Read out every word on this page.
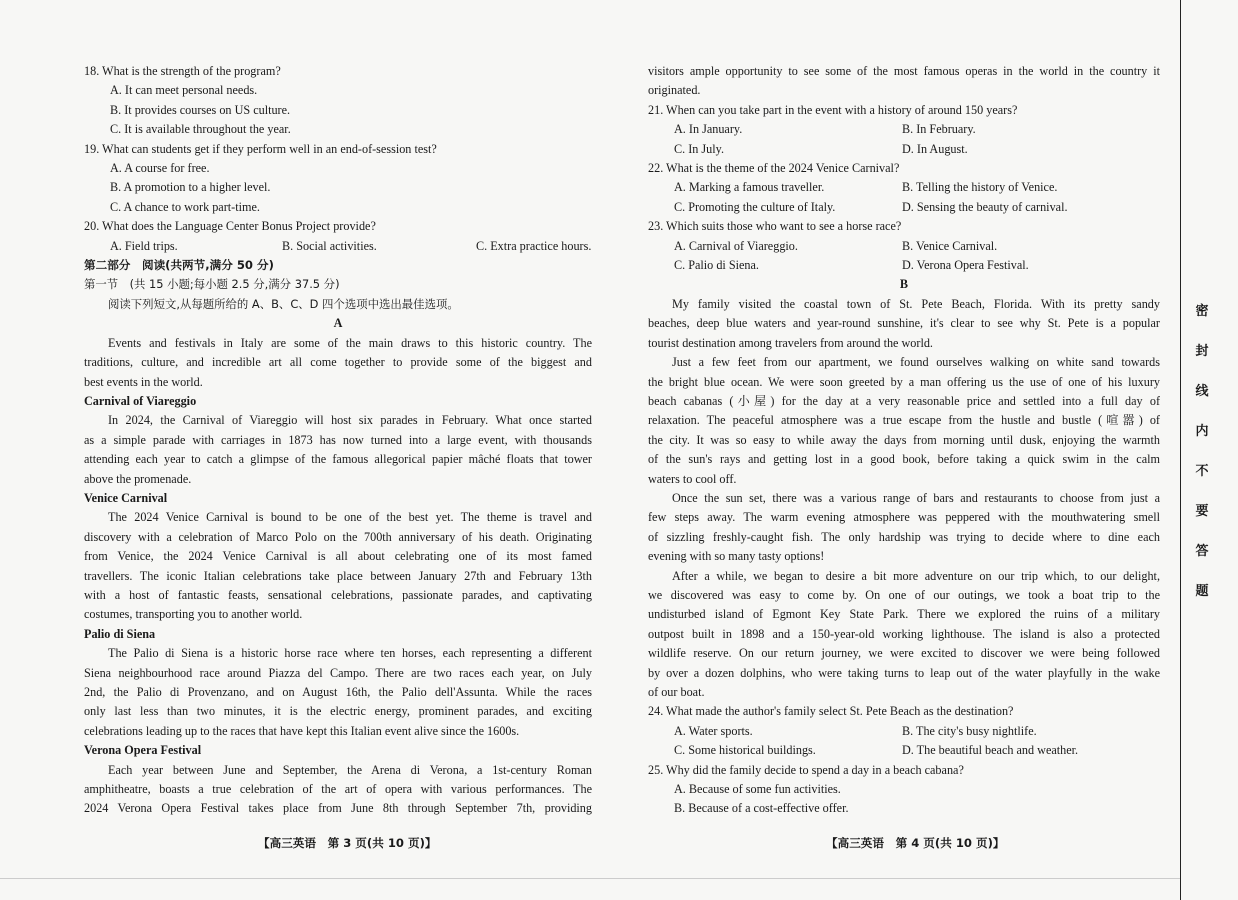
18. What is the strength of the program?
A. It can meet personal needs.
B. It provides courses on US culture.
C. It is available throughout the year.
19. What can students get if they perform well in an end-of-session test?
A. A course for free.
B. A promotion to a higher level.
C. A chance to work part-time.
20. What does the Language Center Bonus Project provide?
A. Field trips.	B. Social activities.	C. Extra practice hours.
第二部分　阅读(共两节,满分 50 分)
第一节　(共 15 小题;每小题 2.5 分,满分 37.5 分)
阅读下列短文,从每题所给的 A、B、C、D 四个选项中选出最佳选项。
A
Events and festivals in Italy are some of the main draws to this historic country. The
traditions, culture, and incredible art all come together to provide some of the biggest and
best events in the world.
Carnival of Viareggio
In 2024, the Carnival of Viareggio will host six parades in February. What once started
as a simple parade with carriages in 1873 has now turned into a large event, with thousands
attending each year to catch a glimpse of the famous allegorical papier mâché floats that tower
above the promenade.
Venice Carnival
The 2024 Venice Carnival is bound to be one of the best yet. The theme is travel and
discovery with a celebration of Marco Polo on the 700th anniversary of his death. Originating
from Venice, the 2024 Venice Carnival is all about celebrating one of its most famed
travellers. The iconic Italian celebrations take place between January 27th and February 13th
with a host of fantastic feasts, sensational celebrations, passionate parades, and captivating
costumes, transporting you to another world.
Palio di Siena
The Palio di Siena is a historic horse race where ten horses, each representing a different
Siena neighbourhood race around Piazza del Campo. There are two races each year, on July
2nd, the Palio di Provenzano, and on August 16th, the Palio dell'Assunta. While the races
only last less than two minutes, it is the electric energy, prominent parades, and exciting
celebrations leading up to the races that have kept this Italian event alive since the 1600s.
Verona Opera Festival
Each year between June and September, the Arena di Verona, a 1st-century Roman
amphitheatre, boasts a true celebration of the art of opera with various performances. The
2024 Verona Opera Festival takes place from June 8th through September 7th, providing
【高三英语　第 3 页(共 10 页)】
visitors ample opportunity to see some of the most famous operas in the world in the country it
originated.
21. When can you take part in the event with a history of around 150 years?
A. In January.	B. In February.
C. In July.	D. In August.
22. What is the theme of the 2024 Venice Carnival?
A. Marking a famous traveller.	B. Telling the history of Venice.
C. Promoting the culture of Italy.	D. Sensing the beauty of carnival.
23. Which suits those who want to see a horse race?
A. Carnival of Viareggio.	B. Venice Carnival.
C. Palio di Siena.	D. Verona Opera Festival.
B
My family visited the coastal town of St. Pete Beach, Florida. With its pretty sandy
beaches, deep blue waters and year-round sunshine, it's clear to see why St. Pete is a popular
tourist destination among travelers from around the world.
Just a few feet from our apartment, we found ourselves walking on white sand towards
the bright blue ocean. We were soon greeted by a man offering us the use of one of his luxury
beach cabanas (小屋) for the day at a very reasonable price and settled into a full day of
relaxation. The peaceful atmosphere was a true escape from the hustle and bustle (喧嚣) of
the city. It was so easy to while away the days from morning until dusk, enjoying the warmth
of the sun's rays and getting lost in a good book, before taking a quick swim in the calm
waters to cool off.
Once the sun set, there was a various range of bars and restaurants to choose from just a
few steps away. The warm evening atmosphere was peppered with the mouthwatering smell
of sizzling freshly-caught fish. The only hardship was trying to decide where to dine each
evening with so many tasty options!
After a while, we began to desire a bit more adventure on our trip which, to our delight,
we discovered was easy to come by. On one of our outings, we took a boat trip to the
undisturbed island of Egmont Key State Park. There we explored the ruins of a military
outpost built in 1898 and a 150-year-old working lighthouse. The island is also a protected
wildlife reserve. On our return journey, we were excited to discover we were being followed
by over a dozen dolphins, who were taking turns to leap out of the water playfully in the wake
of our boat.
24. What made the author's family select St. Pete Beach as the destination?
A. Water sports.	B. The city's busy nightlife.
C. Some historical buildings.	D. The beautiful beach and weather.
25. Why did the family decide to spend a day in a beach cabana?
A. Because of some fun activities.
B. Because of a cost-effective offer.
【高三英语　第 4 页(共 10 页)】
密
封
线
内
不
要
答
题
